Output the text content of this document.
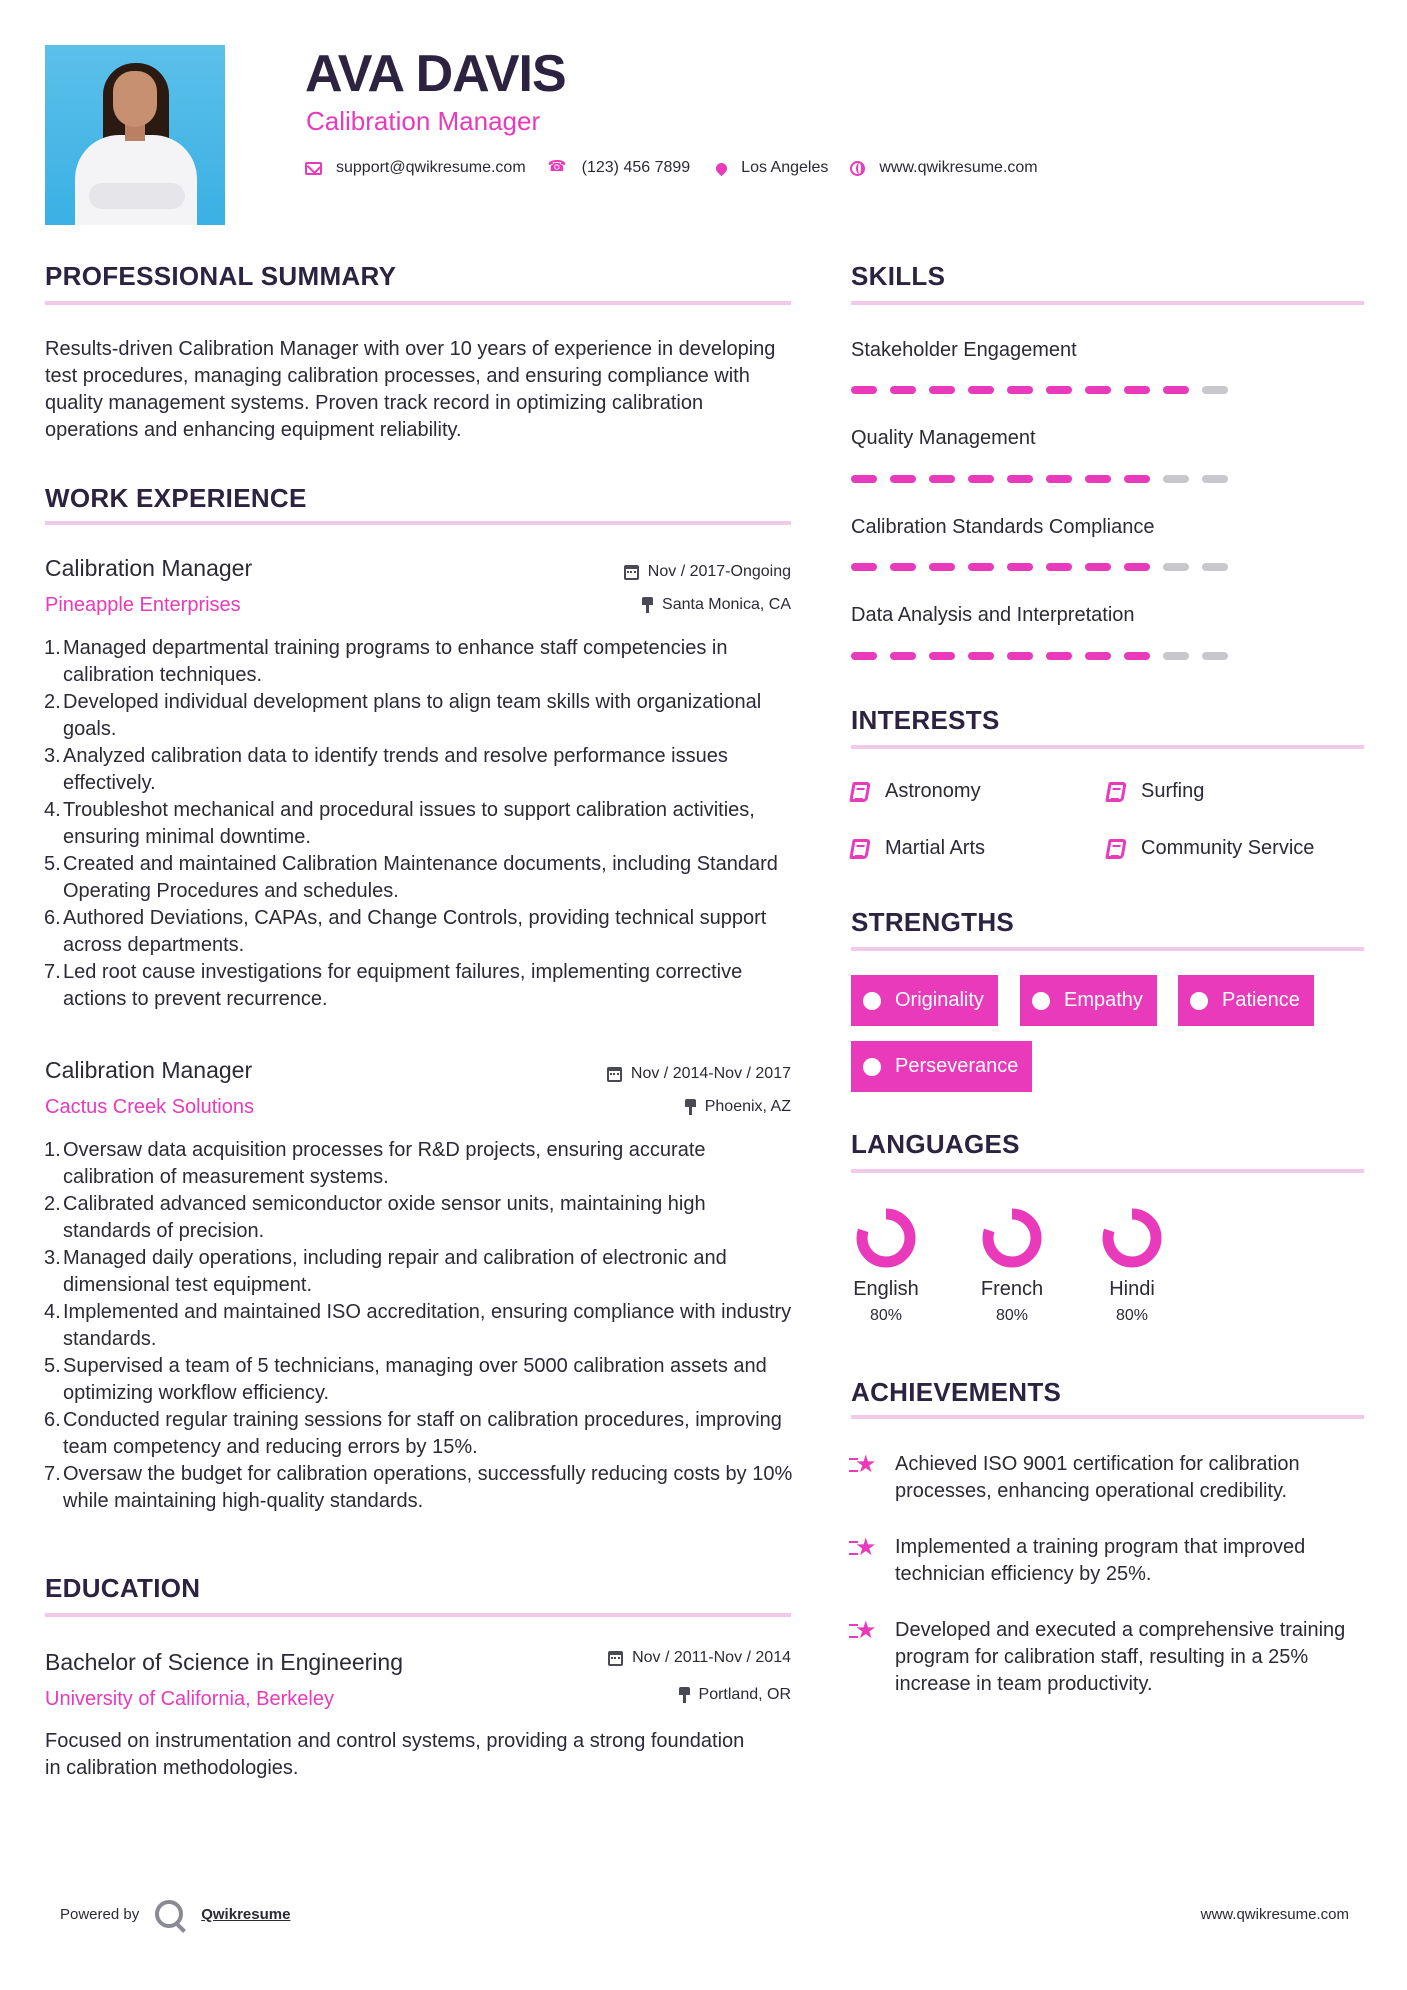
AVA DAVIS
Calibration Manager
support@qwikresume.com
☎	(123) 456 7899	Los Angeles	www.qwikresume.com
PROFESSIONAL SUMMARY
Results-driven Calibration Manager with over 10 years of experience in developing test procedures, managing calibration processes, and ensuring compliance with quality management systems. Proven track record in optimizing calibration operations and enhancing equipment reliability.
WORK EXPERIENCE
Calibration Manager
Pineapple Enterprises
Nov / 2017-Ongoing
Santa Monica, CA
1. Managed departmental training programs to enhance staff competencies in calibration techniques.
2. Developed individual development plans to align team skills with organizational goals.
3. Analyzed calibration data to identify trends and resolve performance issues effectively.
4. Troubleshot mechanical and procedural issues to support calibration activities, ensuring minimal downtime.
5. Created and maintained Calibration Maintenance documents, including Standard Operating Procedures and schedules.
6. Authored Deviations, CAPAs, and Change Controls, providing technical support across departments.
7. Led root cause investigations for equipment failures, implementing corrective actions to prevent recurrence.
Calibration Manager
Cactus Creek Solutions
Nov / 2014-Nov / 2017
Phoenix, AZ
1. Oversaw data acquisition processes for R&D projects, ensuring accurate calibration of measurement systems.
2. Calibrated advanced semiconductor oxide sensor units, maintaining high standards of precision.
3. Managed daily operations, including repair and calibration of electronic and dimensional test equipment.
4. Implemented and maintained ISO accreditation, ensuring compliance with industry standards.
5. Supervised a team of 5 technicians, managing over 5000 calibration assets and optimizing workflow efficiency.
6. Conducted regular training sessions for staff on calibration procedures, improving team competency and reducing errors by 15%.
7. Oversaw the budget for calibration operations, successfully reducing costs by 10% while maintaining high-quality standards.
EDUCATION
Bachelor of Science in Engineering
University of California, Berkeley
Nov / 2011-Nov / 2014
Portland, OR
Focused on instrumentation and control systems, providing a strong foundation in calibration methodologies.
SKILLS
Stakeholder Engagement
Quality Management
Calibration Standards Compliance
Data Analysis and Interpretation
INTERESTS
Astronomy	Surfing
Martial Arts	Community Service
STRENGTHS
Originality	Empathy	Patience
Perseverance
LANGUAGES
English
80%
French
80%
Hindi
80%
ACHIEVEMENTS
★
Achieved ISO 9001 certification for calibration processes, enhancing operational credibility.
★
Implemented a training program that improved technician efficiency by 25%.
★
Developed and executed a comprehensive training program for calibration staff, resulting in a 25% increase in team productivity.
Powered by	Qwikresume	www.qwikresume.com
